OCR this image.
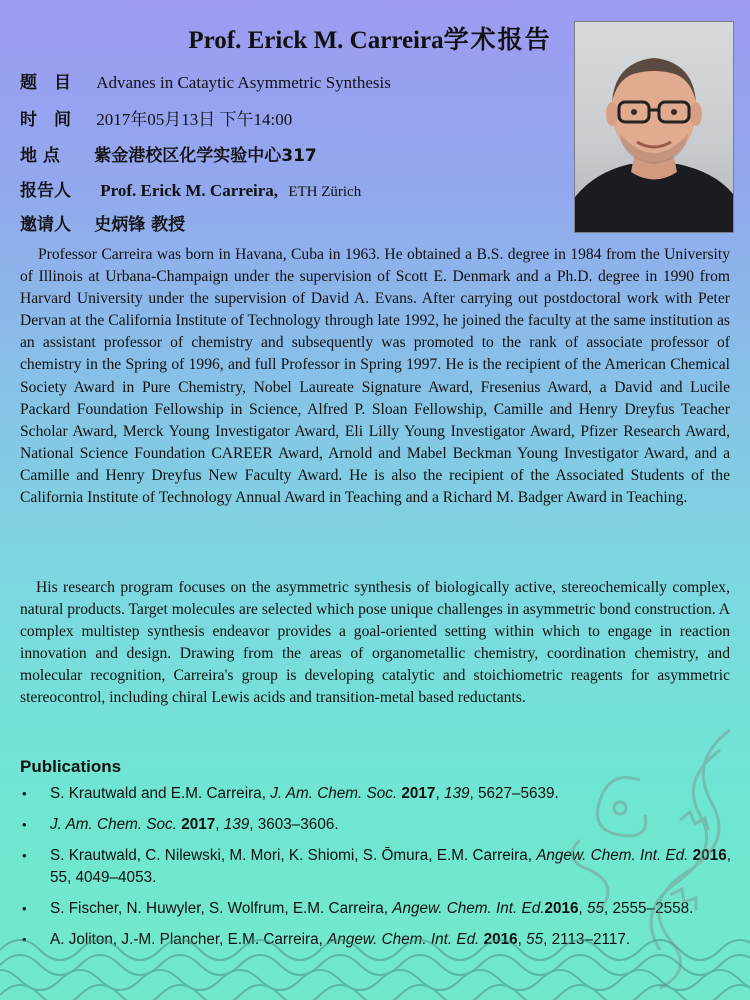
Prof. Erick M. Carreira学术报告
题　目 Advanes in Cataytic Asymmetric Synthesis
时　间 2017年05月13日 下午14:00
地 点 紫金港校区化学实验中心317
报告人 Prof. Erick M. Carreira, ETH Zürich
邀请人 史炳锋 教授

Professor Carreira was born in Havana, Cuba in 1963. He obtained a B.S. degree in 1984 from the University of Illinois at Urbana-Champaign under the supervision of Scott E. Denmark and a Ph.D. degree in 1990 from Harvard University under the supervision of David A. Evans. After carrying out postdoctoral work with Peter Dervan at the California Institute of Technology through late 1992, he joined the faculty at the same institution as an assistant professor of chemistry and subsequently was promoted to the rank of associate professor of chemistry in the Spring of 1996, and full Professor in Spring 1997. He is the recipient of the American Chemical Society Award in Pure Chemistry, Nobel Laureate Signature Award, Fresenius Award, a David and Lucile Packard Foundation Fellowship in Science, Alfred P. Sloan Fellowship, Camille and Henry Dreyfus Teacher Scholar Award, Merck Young Investigator Award, Eli Lilly Young Investigator Award, Pfizer Research Award, National Science Foundation CAREER Award, Arnold and Mabel Beckman Young Investigator Award, and a Camille and Henry Dreyfus New Faculty Award. He is also the recipient of the Associated Students of the California Institute of Technology Annual Award in Teaching and a Richard M. Badger Award in Teaching.

His research program focuses on the asymmetric synthesis of biologically active, stereochemically complex, natural products. Target molecules are selected which pose unique challenges in asymmetric bond construction. A complex multistep synthesis endeavor provides a goal-oriented setting within which to engage in reaction innovation and design. Drawing from the areas of organometallic chemistry, coordination chemistry, and molecular recognition, Carreira's group is developing catalytic and stoichiometric reagents for asymmetric stereocontrol, including chiral Lewis acids and transition-metal based reductants.

Publications
• S. Krautwald and E.M. Carreira, J. Am. Chem. Soc. 2017, 139, 5627–5639.
• J. Am. Chem. Soc. 2017, 139, 3603–3606.
• S. Krautwald, C. Nilewski, M. Mori, K. Shiomi, S. Ōmura, E.M. Carreira, Angew. Chem. Int. Ed. 2016, 55, 4049–4053.
• S. Fischer, N. Huwyler, S. Wolfrum, E.M. Carreira, Angew. Chem. Int. Ed.2016, 55, 2555–2558.
• A. Joliton, J.-M. Plancher, E.M. Carreira, Angew. Chem. Int. Ed. 2016, 55, 2113–2117.
